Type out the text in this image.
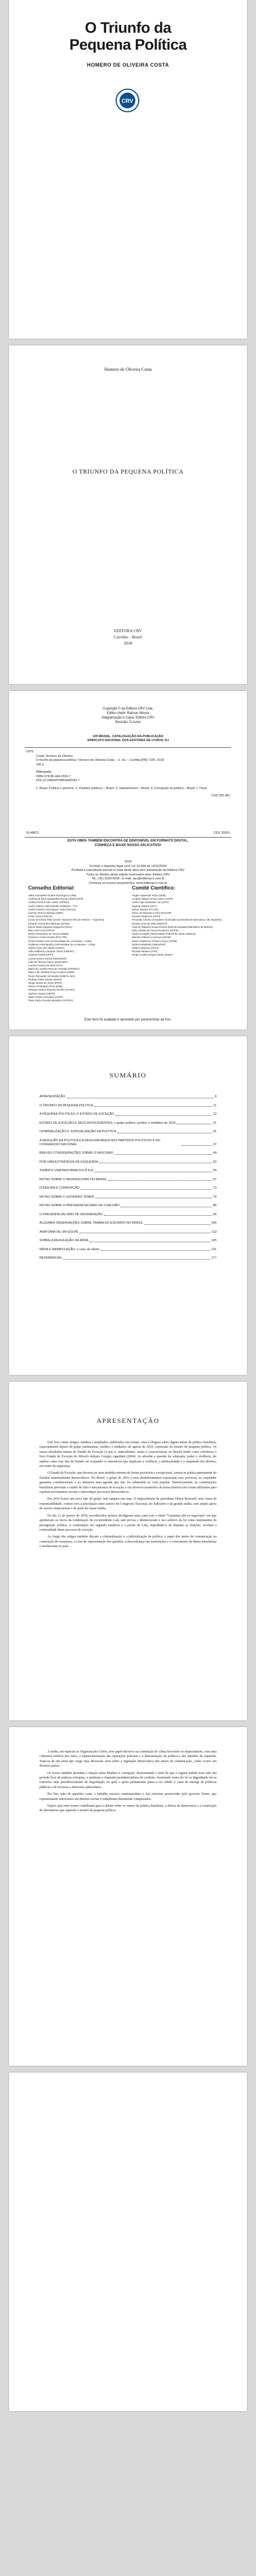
O Triunfo da
Pequena Política
HOMERO DE OLIVEIRA COSTA
CRV
Homero de Oliveira Costa
O TRIUNFO DA PEQUENA POLÍTICA
EDITORA CRV
Curitiba – Brasil
2018
Copyright © da Editora CRV Ltda.
Editor-chefe: Railson Moura
Diagramação e Capa: Editora CRV
Revisão: O Autor
CIP-BRASIL. CATALOGAÇÃO-NA-PUBLICAÇÃO
SINDICATO NACIONAL DOS EDITORES DE LIVROS, RJ
C879
Costa, Homero de Oliveira
O triunfo da pequena política / Homero de Oliveira Costa. – 1. ed. – Curitiba [PR]: CRV, 2018.
196 p.
Bibliografia
ISBN 978-85-444-2593-7
DOI 10.24824/978854442593.7
1. Brasil. Política e governo. 2. Partidos políticos – Brasil. 3. Impeachment – Brasil. 4. Corrupção na política – Brasil. I. Título.
CDD 320.981
18-48871	CDU 32(81)
ESTA OBRA TAMBÉM ENCONTRA-SE DISPONÍVEL EM FORMATO DIGITAL.
CONHEÇA E BAIXE NOSSO APLICATIVO!
2018
Foi feito o depósito legal conf. Lei 10.994 de 14/12/2004
Proibida a reprodução parcial ou total desta obra sem autorização da Editora CRV
Todos os direitos desta edição reservados pela: Editora CRV
Tel.: (41) 3039-6418 - E-mail: sac@editoracrv.com.br
Conheça os nossos lançamentos: www.editoracrv.com.br
Conselho Editorial:	Comitê Científico:
Aldira Guimarães Duarte Domínguez (UNB)
Andréia da Silva Quintanilha Sousa (UNIR/UFRN)
Antônio Pereira Gaio Júnior (UFRRJ)
Carlos Alberto Vilar Estêvão (UMINHO – PT)
Carlos Federico Domínguez Avila (Unieuro)
Carmen Tereza Velanga (UNIR)
Celso Conti (UFSCar)
Cesar Gerónimo Tello (Univer. Nacional Três de Febrero – Argentina)
Eduardo Fernandes Barbosa (UFMG)
Elione Maria Nogueira Diogenes (UFAL)
Élsio José Corá (UFFS)
Elizeu Clementino de Souza (UNEB)
Francisco Carlos Duarte (PUC-PR)
Gloria Fariñas León (Universidade de La Havana – Cuba)
Guillermo Arias Beatón (Universidade de La Havana – Cuba)
Jailson Alves dos Santos (UFRJ)
João Adalberto Campato Junior (UNESP)
Josania Portela (UFPI)
Leonel Severo Rocha (UNISINOS)
Lídia de Oliveira Xavier (UNIEURO)
Lourdes Helena da Silva (UFV)
Maria de Lourdes Pinto de Almeida (UNOESC)
Maria Lília Imbiriba Sousa Colares (UNIR)
Paulo Romualdo Hernandes (UNIFAL-MG)
Rodrigo Pratte-Santos (UFES)
Sérgio Nunes de Jesus (IFRO)
Simone Rodrigues Pinto (UNB)
Solange Helena Ximenes-Rocha (UFOPA)
Sydione Santos (UEPG)
Tadeu Oliver Gonçalves (UFPA)
Tania Suely Azevedo Brasileiro (UFOPA)
Ângelo Aparecido Priori (UEM)
Arnaldo Oliveira Souza Júnior (UFPI)
Carlos Ugo Santander Joo (UFG)
Dagmar Manieri (UFT)
Edison Bariani (FCLAR)
Elizeu de Miranda Corrêa (PUC/SP)
Fauston Negreiros (UFPI)
Fernando Antonio Gonçalves Alcoforado (Universitat de Barcelona, UB, Espanha)
Giovani José da Silva (UNIFAP)
José de Ribamar Sousa Pereira (Exército Brasileiro/Ministério da Defesa)
Kelly Cristina de Souza Prudencio (UFPR)
Liliana Locatelli (Universidade Federal de Santa Catarina)
Marcelo Fabiano Lourenço (UFAM)
Mauro Guilherme Pinheiro Koury (UFPB)
Michel Kobelinski (UNESPAR)
Rafael Calazans (UFSJ)
Ricardo Mariano (USP)
Sérgio Coelho Borges Farias (UFBA)
Este livro foi avaliado e aprovado por pareceristas ad hoc.
SUMÁRIO
APRESENTAÇÃO	9
O TRIUNFO DA PEQUENA POLÍTICA	11
A PEQUENA POLÍTICA E O ESTADO DE EXCEÇÃO	13
ESTADO DE EXCEÇÃO E SEUS ANTECEDENTES: o golpe político, jurídico e midiático de 2016	21
CRIMINALIZAÇÃO E JUDICIALIZAÇÃO DA POLÍTICA	31
A REDUÇÃO DA POLÍTICA E A DESCONFIANÇA NOS PARTIDOS POLÍTICOS E NO CONGRESSO NACIONAL	37
BREVES CONSIDERAÇÕES SOBRE O FASCISMO	49
POR UMA ESTRATÉGIA DE ESQUERDA	53
TEMER E UMA REFORMA POLÍTICA	59
NOTAS SOBRE O NEOFASCISMO NO BRASIL	67
DITADURA E CORRUPÇÃO	73
NOTAS SOBRE O GOVERNO TEMER	79
NOTAS SOBRE O PRESIDENCIALISMO DE COALIZÃO	85
O PRESIDENCIALISMO DE DEGRADAÇÃO	95
ALGUMAS OBSERVAÇÕES SOBRE TRABALHO ESCRAVO NO BRASIL	105
ANATOMIA DE UM GOLPE	113
SOBRE A REGULAÇÃO DA MÍDIA	125
MÍDIA E MANIPULAÇÃO: o caso da Globo	131
REFERÊNCIAS	177
APRESENTAÇÃO

Este livro reúne artigos, inéditos e ampliados, publicados em jornais, sites e blogues sobre alguns temas da política brasileira, especialmente depois do golpe parlamentar, jurídico e midiático de agosto de 2016, expressão do triunfo da pequena política. Os temas abordados tratam do Estado de Exceção (o que é, antecedentes, raízes e características no Brasil) tendo como referência o livro Estado de Exceção do filósofo italiano Giorgio Agamben (2004). Ao abordar a questão da soberania, poder e violência, ele analisa como esse tipo de Estado vai ocupando os interstícios que implicam a violência, a arbitrariedade e a suspensão dos direitos, em nome da segurança.

O Estado de Exceção, que deveria ser uma medida extrema de forma provisória e excepcional, tornou-se prática permanente de Estados nominalmente democráticos. No Brasil, o golpe de 2016 e seus desdobramentos expressam esse processo, ao suspender garantias constitucionais e ao instaurar uma agenda que não foi submetida ao voto popular. Historicamente, as constituições brasileiras previram o estado de sítio e mecanismos de exceção, e em diversos momentos da nossa história eles foram utilizados para reprimir movimentos sociais e interromper processos democráticos.

Em 2016 houve um novo tipo de golpe, sem tanques nas ruas. O impeachment da presidenta Dilma Rousseff, sem crime de responsabilidade, contou com a articulação entre setores do Congresso Nacional, do Judiciário e da grande mídia, com amplo apoio de setores empresariais e de parte da classe média.

No dia 12 de janeiro de 2018, reconhecidos juristas divulgaram uma carta com o título “Garantias não se negociam” em que apontavam os riscos da condenação do ex-presidente Lula sem provas e denunciavam o uso seletivo da lei como instrumento de perseguição política. A condenação em segunda instância e a prisão de Lula, impedindo-o de disputar as eleições, revelam a continuidade desse processo de exceção.

Ao longo dos artigos também discuto a criminalização e a judicialização da política, o papel dos meios de comunicação na construção de consensos, a crise de representação dos partidos, a desconfiança nas instituições e o crescimento de ideias autoritárias e neofascistas no país.

A mídia, em especial as Organizações Globo, teve papel decisivo na construção do clima favorável ao impeachment, com uma cobertura seletiva dos fatos, a espetacularização das operações policiais e a demonização da política e dos partidos de esquerda. Trata-se de um tema que exige uma discussão séria sobre a regulação democrática dos meios de comunicação, como ocorre em diversos países.

Os textos também abordam a relação entre ditadura e corrupção, desmontando o mito de que o regime militar teria sido um período livre de práticas corruptas, e analisam o chamado presidencialismo de coalizão, mostrando como ele foi se degradando até se converter num presidencialismo de degradação, no qual o apoio parlamentar passa a ser obtido à custa da entrega de políticas públicas e de recursos a interesses particulares.

Por fim, trato de questões como o trabalho escravo contemporâneo e das reformas promovidas pelo governo Temer, que representaram retrocessos em direitos sociais e trabalhistas duramente conquistados.

Espero que estes textos contribuam para o debate sobre os rumos da política brasileira, a defesa da democracia e a construção de alternativas que superem o triunfo da pequena política.
